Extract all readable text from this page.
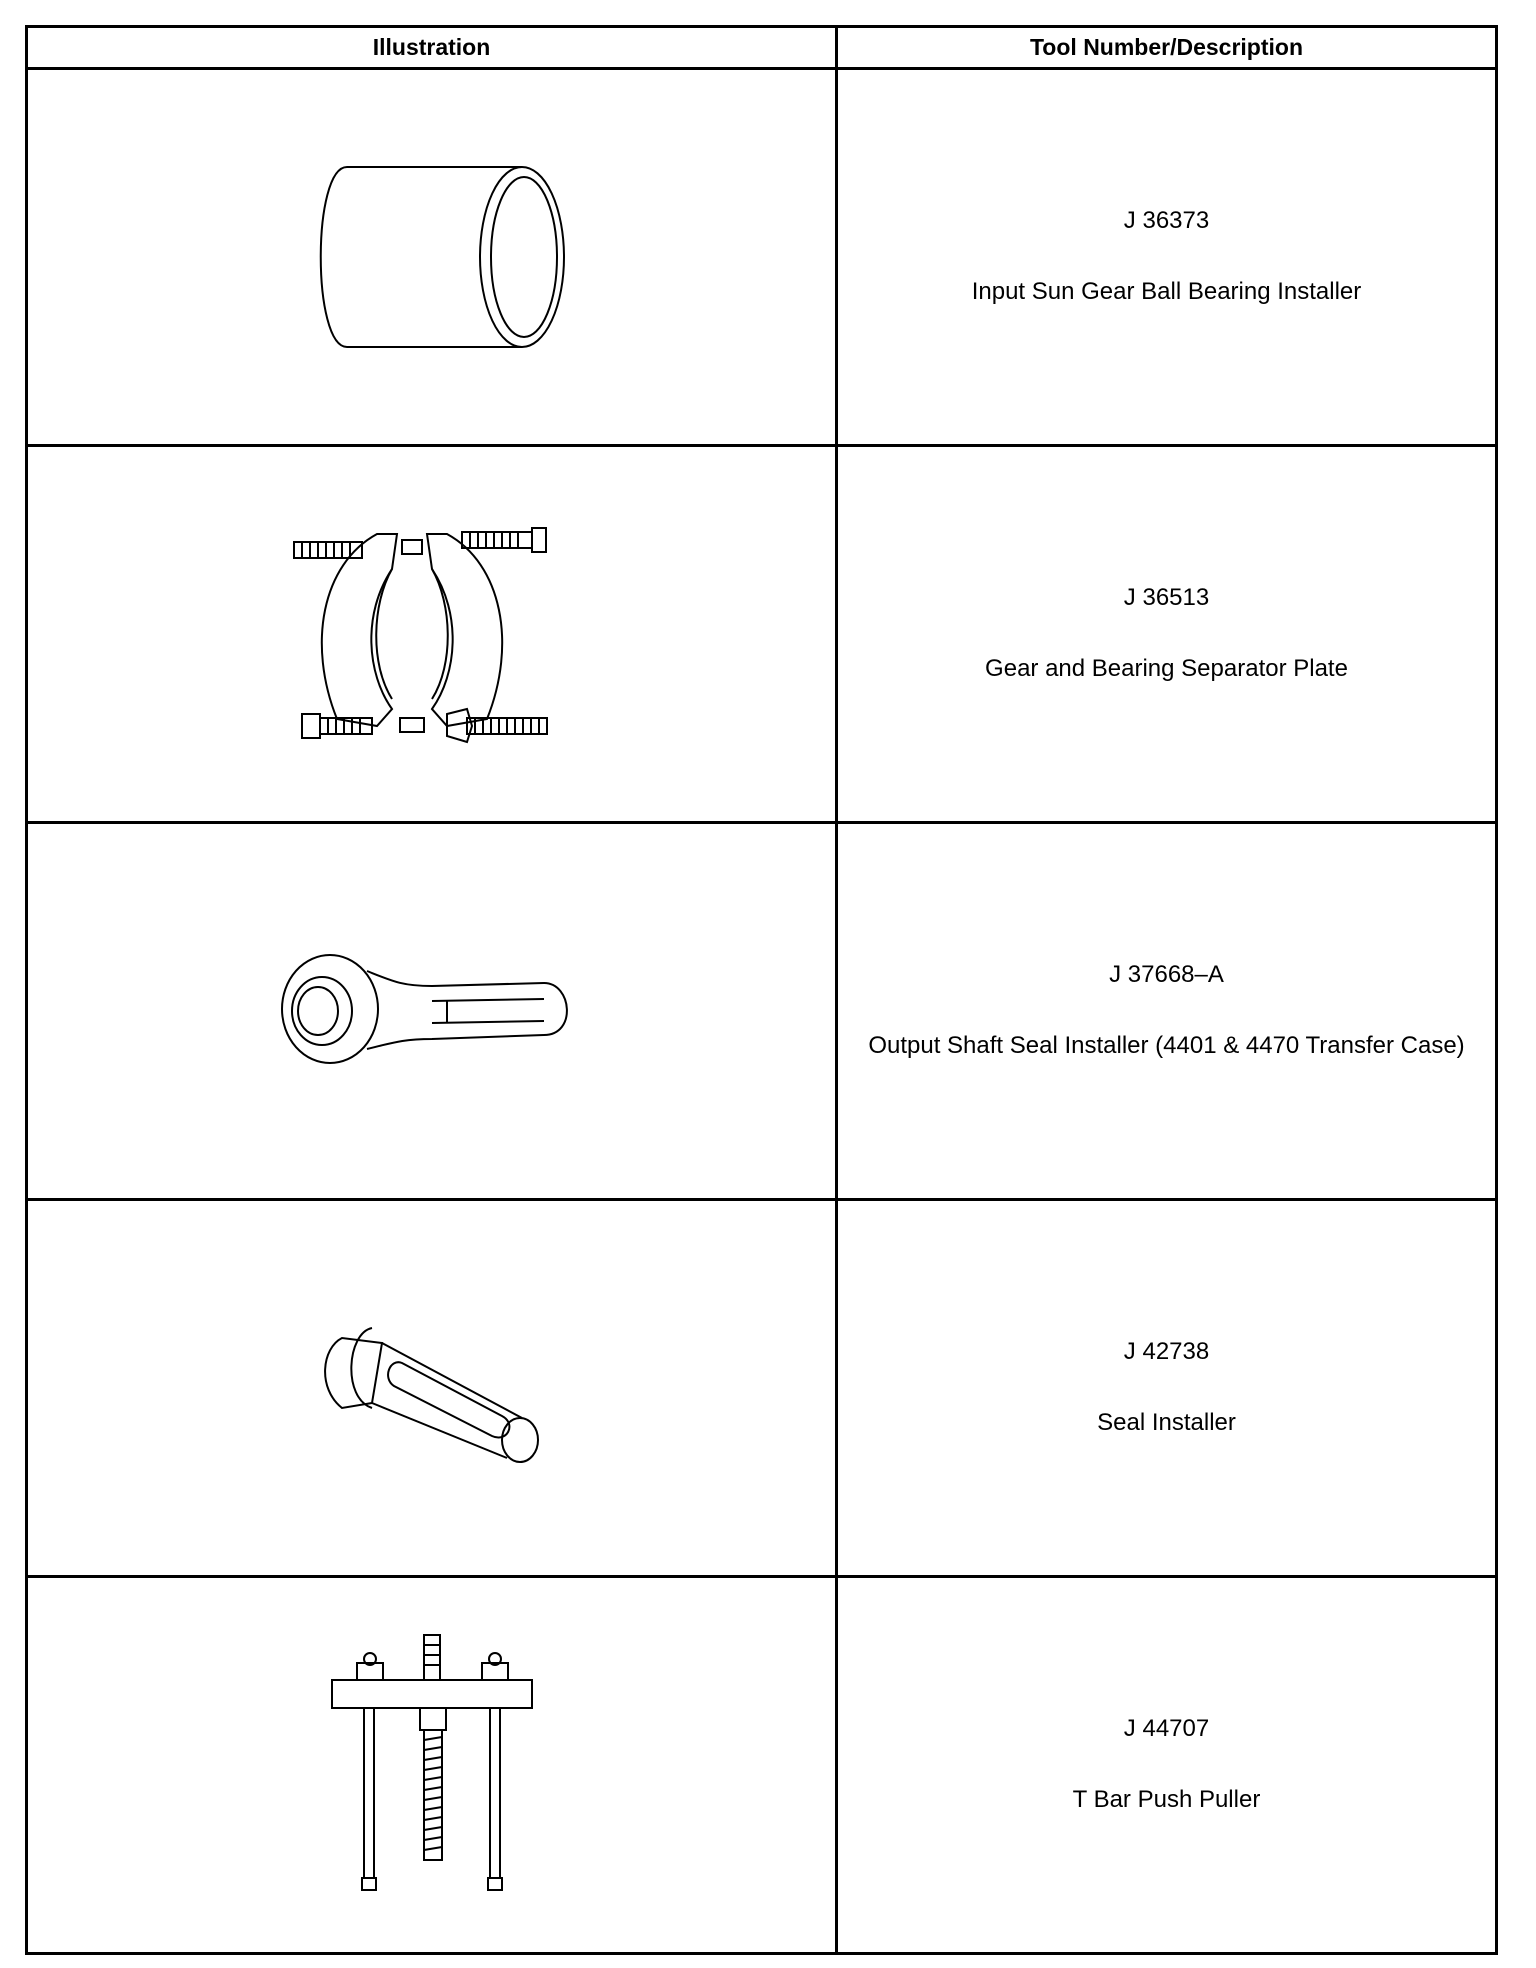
Illustration	Tool Number/Description

J 36373
Input Sun Gear Ball Bearing Installer

J 36513
Gear and Bearing Separator Plate

J 37668–A
Output Shaft Seal Installer (4401 & 4470 Transfer Case)

J 42738
Seal Installer

J 44707
T Bar Push Puller
